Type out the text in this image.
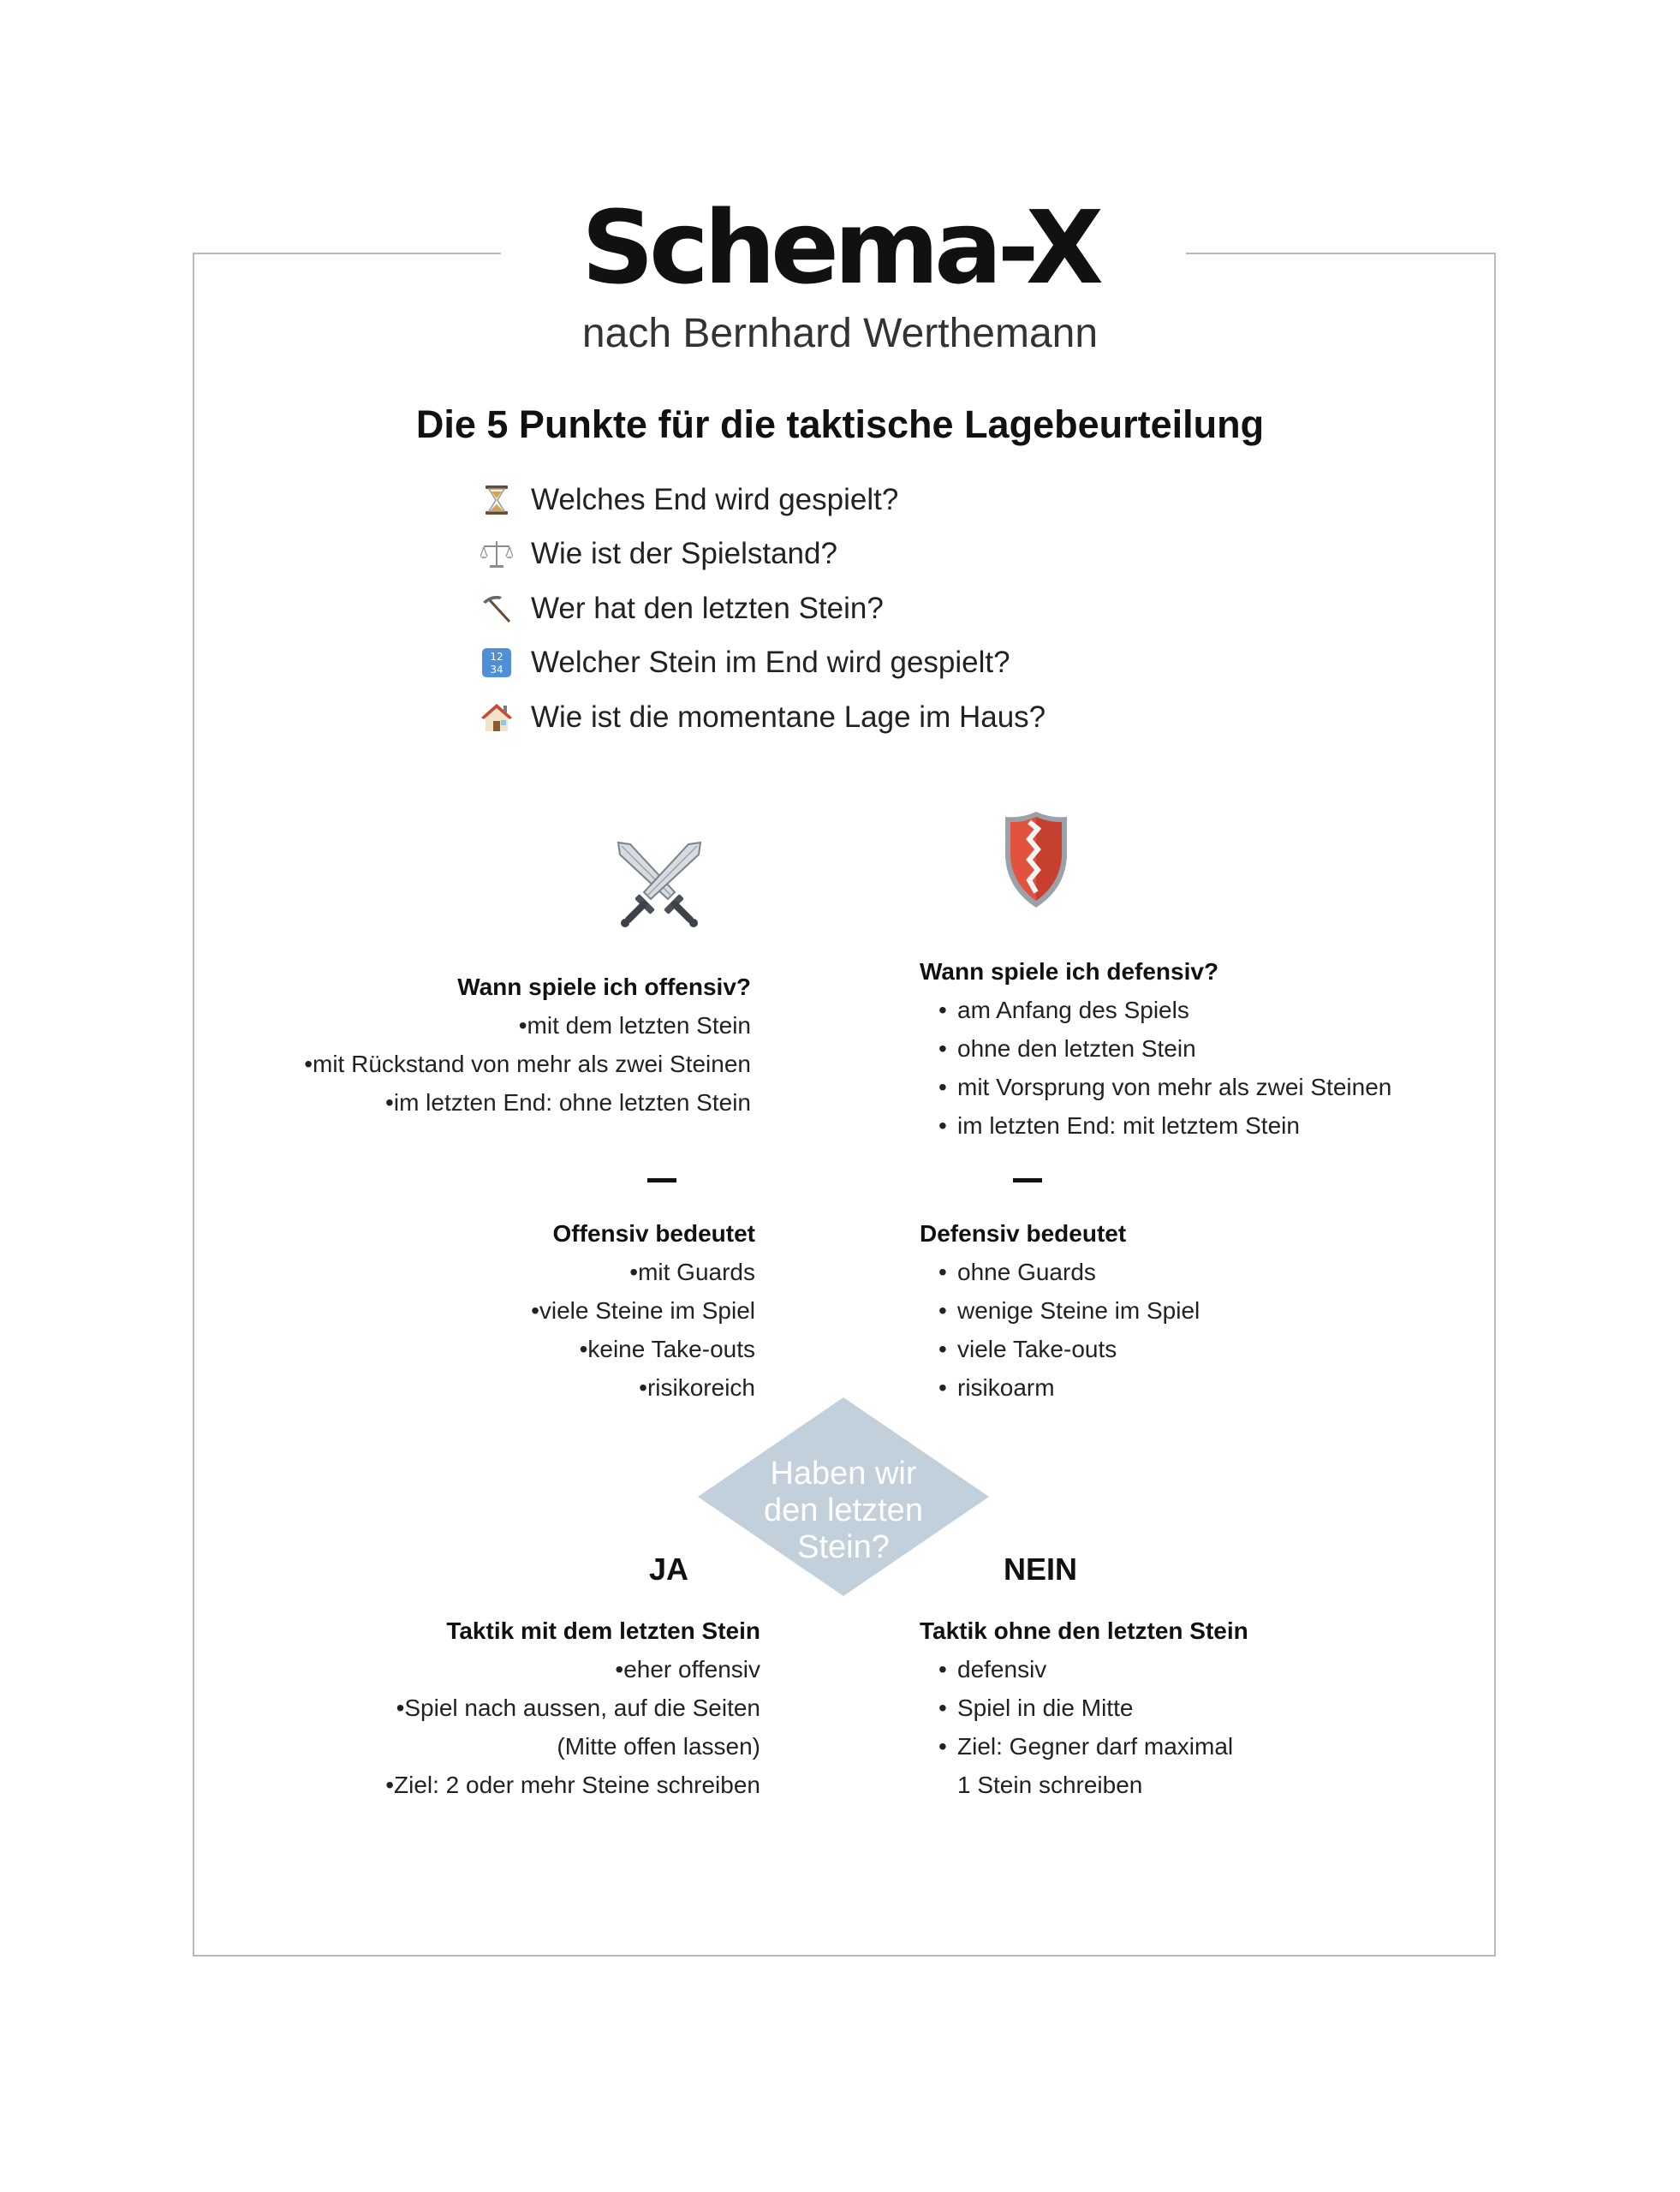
Schema-X
nach Bernhard Werthemann
Die 5 Punkte für die taktische Lagebeurteilung
Welches End wird gespielt?
Wie ist der Spielstand?
Wer hat den letzten Stein?
12
34 Welcher Stein im End wird gespielt?
Wie ist die momentane Lage im Haus?
Wann spiele ich offensiv?
•mit dem letzten Stein
•mit Rückstand von mehr als zwei Steinen
•im letzten End: ohne letzten Stein
Wann spiele ich defensiv?
• am Anfang des Spiels
• ohne den letzten Stein
• mit Vorsprung von mehr als zwei Steinen
• im letzten End: mit letztem Stein
Offensiv bedeutet
•mit Guards
•viele Steine im Spiel
•keine Take-outs
•risikoreich
Defensiv bedeutet
• ohne Guards
• wenige Steine im Spiel
• viele Take-outs
• risikoarm
Haben wir
den letzten
Stein?
JA	NEIN
Taktik mit dem letzten Stein
•eher offensiv
•Spiel nach aussen, auf die Seiten
(Mitte offen lassen)
•Ziel: 2 oder mehr Steine schreiben
Taktik ohne den letzten Stein
• defensiv
• Spiel in die Mitte
• Ziel: Gegner darf maximal
1 Stein schreiben
